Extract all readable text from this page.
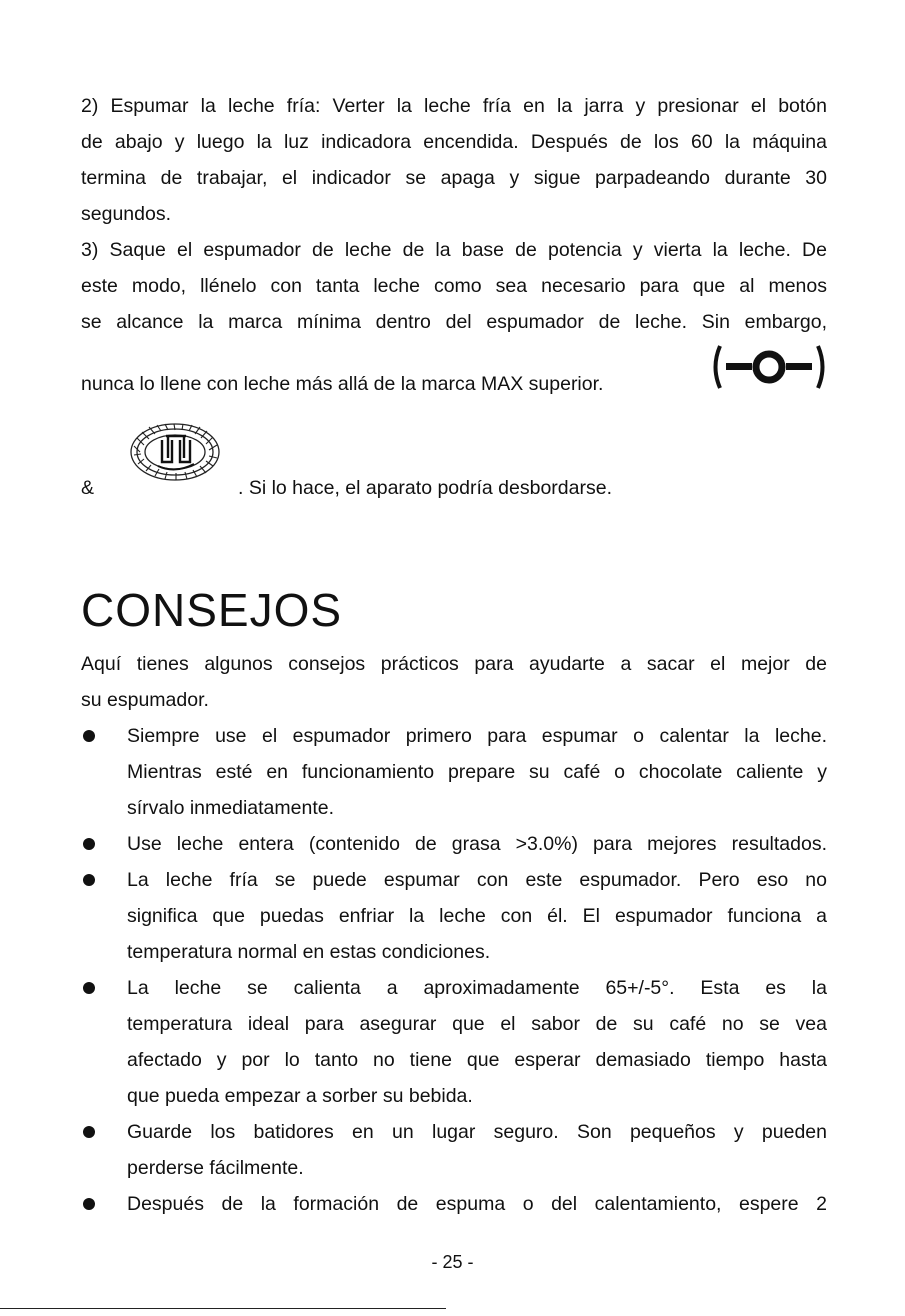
2) Espumar la leche fría: Verter la leche fría en la jarra y presionar el botón

de abajo y luego la luz indicadora encendida. Después de los 60 la máquina

termina de trabajar, el indicador se apaga y sigue parpadeando durante 30

segundos.

3) Saque el espumador de leche de la base de potencia y vierta la leche. De

este modo, llénelo con tanta leche como sea necesario para que al menos

se alcance la marca mínima dentro del espumador de leche. Sin embargo,

nunca lo llene con leche más allá de la marca MAX superior.
&	. Si lo hace, el aparato podría desbordarse.
CONSEJOS

Aquí tienes algunos consejos prácticos para ayudarte a sacar el mejor de

su espumador.

Siempre use el espumador primero para espumar o calentar la leche.

Mientras esté en funcionamiento prepare su café o chocolate caliente y

sírvalo inmediatamente.

Use leche entera (contenido de grasa >3.0%) para mejores resultados.

La leche fría se puede espumar con este espumador. Pero eso no

significa que puedas enfriar la leche con él. El espumador funciona a

temperatura normal en estas condiciones.

La leche se calienta a aproximadamente 65+/-5°. Esta es la

temperatura ideal para asegurar que el sabor de su café no se vea

afectado y por lo tanto no tiene que esperar demasiado tiempo hasta

que pueda empezar a sorber su bebida.

Guarde los batidores en un lugar seguro. Son pequeños y pueden

perderse fácilmente.

Después de la formación de espuma o del calentamiento, espere 2

- 25 -
